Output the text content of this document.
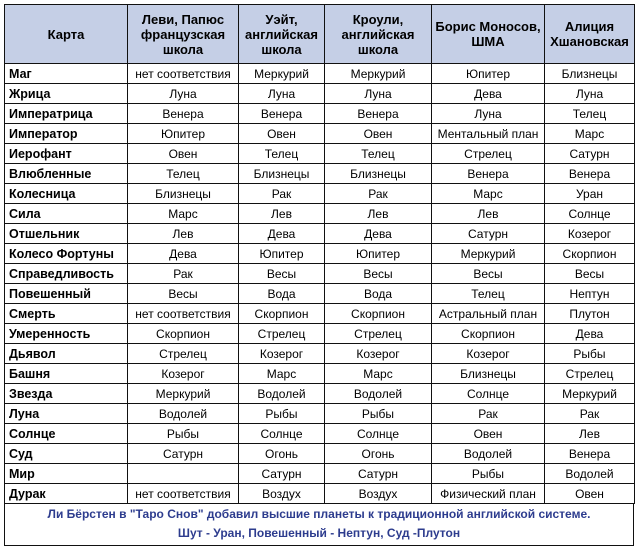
Карта	Леви, Папюс французская школа	Уэйт, английская школа	Кроули, английская школа	Борис Моносов, ШМА	Алиция Хшановская
Маг	нет соответствия	Меркурий	Меркурий	Юпитер	Близнецы
Жрица	Луна	Луна	Луна	Дева	Луна
Императрица	Венера	Венера	Венера	Луна	Телец
Император	Юпитер	Овен	Овен	Ментальный план	Марс
Иерофант	Овен	Телец	Телец	Стрелец	Сатурн
Влюбленные	Телец	Близнецы	Близнецы	Венера	Венера
Колесница	Близнецы	Рак	Рак	Марс	Уран
Сила	Марс	Лев	Лев	Лев	Солнце
Отшельник	Лев	Дева	Дева	Сатурн	Козерог
Колесо Фортуны	Дева	Юпитер	Юпитер	Меркурий	Скорпион
Справедливость	Рак	Весы	Весы	Весы	Весы
Повешенный	Весы	Вода	Вода	Телец	Нептун
Смерть	нет соответствия	Скорпион	Скорпион	Астральный план	Плутон
Умеренность	Скорпион	Стрелец	Стрелец	Скорпион	Дева
Дьявол	Стрелец	Козерог	Козерог	Козерог	Рыбы
Башня	Козерог	Марс	Марс	Близнецы	Стрелец
Звезда	Меркурий	Водолей	Водолей	Солнце	Меркурий
Луна	Водолей	Рыбы	Рыбы	Рак	Рак
Солнце	Рыбы	Солнце	Солнце	Овен	Лев
Суд	Сатурн	Огонь	Огонь	Водолей	Венера
Мир		Сатурн	Сатурн	Рыбы	Водолей
Дурак	нет соответствия	Воздух	Воздух	Физический план	Овен
Ли Бёрстен в "Таро Снов" добавил высшие планеты к традиционной английской системе.
Шут - Уран, Повешенный - Нептун, Суд -Плутон
